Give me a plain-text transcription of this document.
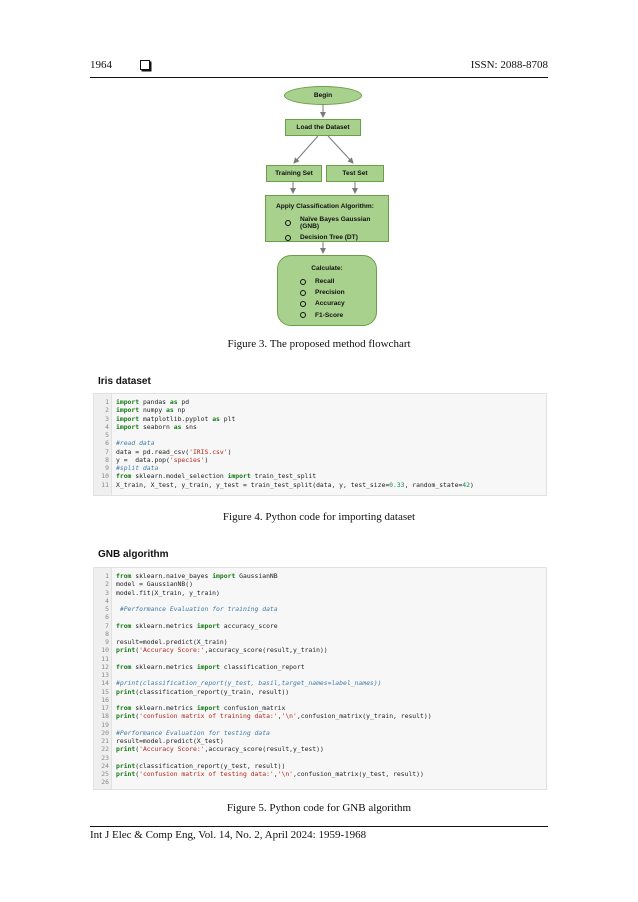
1964	ISSN: 2088-8708
Begin
Load the Dataset
Training Set	Test Set
Apply Classification Algorithm:
Naïve Bayes Gaussian (GNB)
Decision Tree (DT)
Calculate:
Recall
Precision
Accuracy
F1-Score
Figure 3. The proposed method flowchart
Iris dataset
1	import pandas as pd
2	import numpy as np
3	import matplotlib.pyplot as plt
4	import seaborn as sns
5
6	#read data
7	data = pd.read_csv('IRIS.csv')
8	y =  data.pop('species')
9	#split data
10	from sklearn.model_selection import train_test_split
11	X_train, X_test, y_train, y_test = train_test_split(data, y, test_size=0.33, random_state=42)
Figure 4. Python code for importing dataset
GNB algorithm
1	from sklearn.naive_bayes import GaussianNB
2	model = GaussianNB()
3	model.fit(X_train, y_train)
4
5	#Performance Evaluation for training data
6
7	from sklearn.metrics import accuracy_score
8
9	result=model.predict(X_train)
10	print('Accuracy Score:',accuracy_score(result,y_train))
11
12	from sklearn.metrics import classification_report
13
14	#print(classification_report(y_test, basil,target_names=label_names))
15	print(classification_report(y_train, result))
16
17	from sklearn.metrics import confusion_matrix
18	print('confusion matrix of training data:','\n',confusion_matrix(y_train, result))
19
20	#Performance Evaluation for testing data
21	result=model.predict(X_test)
22	print('Accuracy Score:',accuracy_score(result,y_test))
23
24	print(classification_report(y_test, result))
25	print('confusion matrix of testing data:','\n',confusion_matrix(y_test, result))
26
Figure 5. Python code for GNB algorithm
Int J Elec & Comp Eng, Vol. 14, No. 2, April 2024: 1959-1968
